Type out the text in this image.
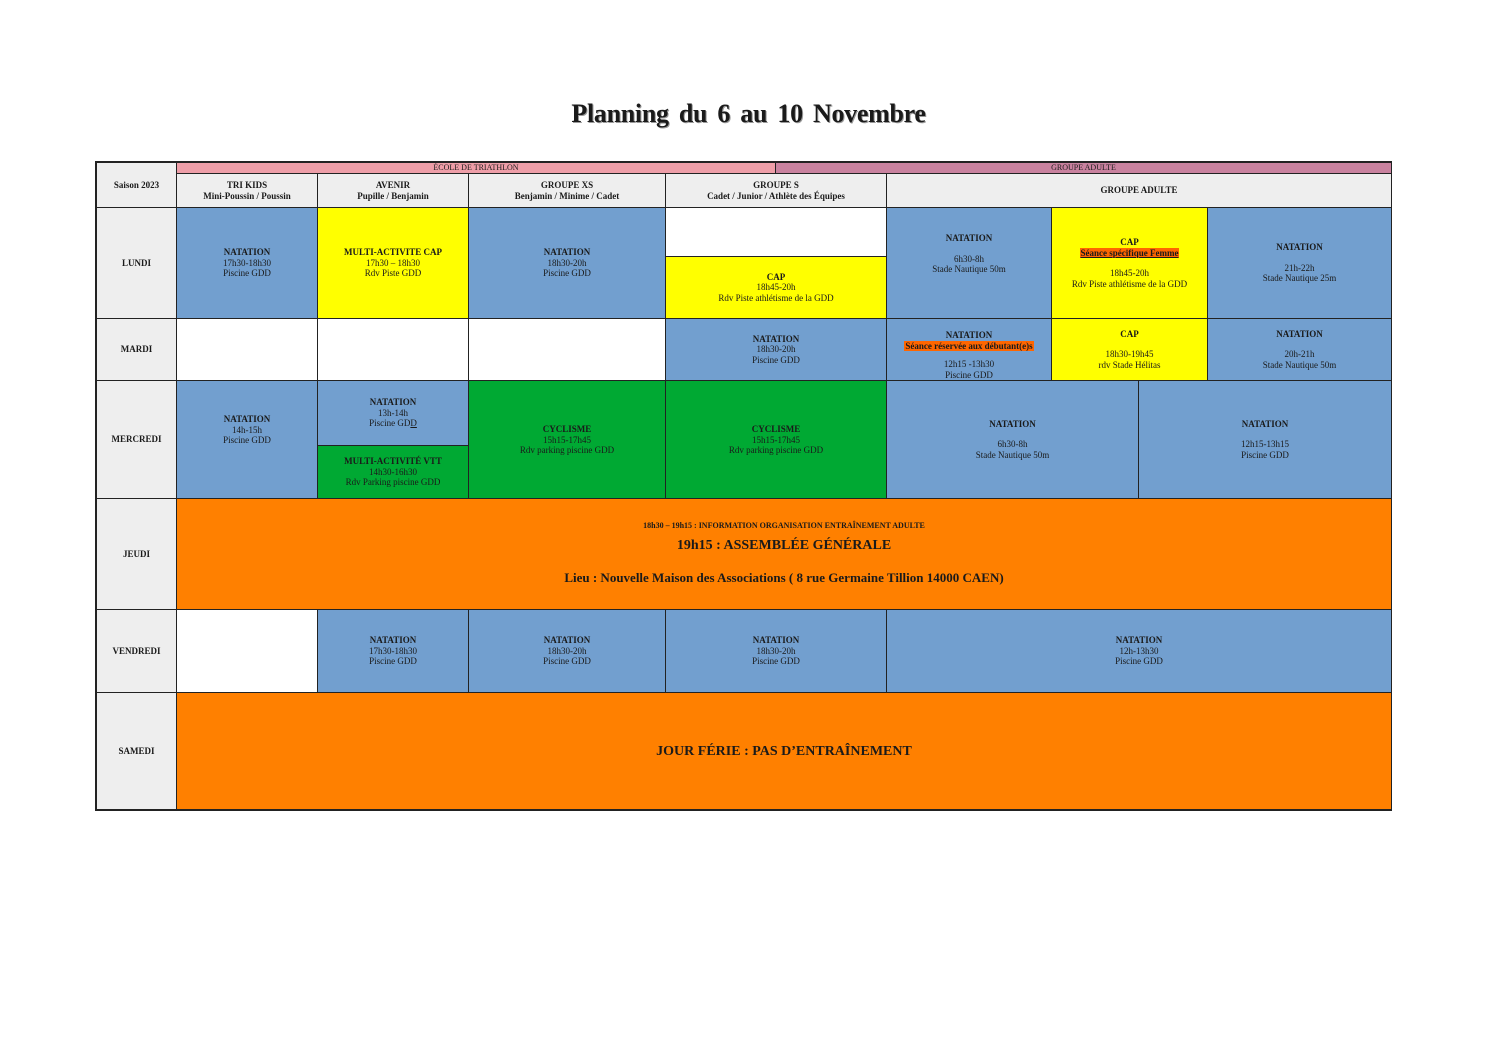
Planning du 6 au 10 Novembre
Saison 2023
ÉCOLE DE TRIATHLON	GROUPE ADULTE
TRI KIDS
Mini-Poussin / Poussin
AVENIR
Pupille / Benjamin
GROUPE XS
Benjamin / Minime / Cadet
GROUPE S
Cadet / Junior / Athlète des Équipes
GROUPE ADULTE
LUNDI
MARDI
MERCREDI
JEUDI
VENDREDI
SAMEDI
NATATION
17h30-18h30
Piscine GDD
MULTI-ACTIVITE CAP
17h30 – 18h30
Rdv Piste GDD
NATATION
18h30-20h
Piscine GDD	CAP
18h45-20h
Rdv Piste athlétisme de la GDD
NATATION
6h30-8h
Stade Nautique 50m
CAP
Séance spécifique Femme
18h45-20h
Rdv Piste athlétisme de la GDD
NATATION
21h-22h
Stade Nautique 25m
NATATION
18h30-20h
Piscine GDD
NATATION
Séance réservée aux débutant(e)s
12h15 -13h30
Piscine GDD
CAP
18h30-19h45
rdv Stade Hélitas
NATATION
20h-21h
Stade Nautique 50m
NATATION
14h-15h
Piscine GDD
NATATION
13h-14h
Piscine GDD
MULTI-ACTIVITÉ VTT
14h30-16h30
Rdv Parking piscine GDD
CYCLISME
15h15-17h45
Rdv parking piscine GDD
CYCLISME
15h15-17h45
Rdv parking piscine GDD
NATATION
6h30-8h
Stade Nautique 50m
NATATION
12h15-13h15
Piscine GDD
18h30 – 19h15 : INFORMATION ORGANISATION ENTRAÎNEMENT ADULTE
19h15 : ASSEMBLÉE GÉNÉRALE
Lieu : Nouvelle Maison des Associations ( 8 rue Germaine Tillion 14000 CAEN)
NATATION
17h30-18h30
Piscine GDD
NATATION
18h30-20h
Piscine GDD
NATATION
18h30-20h
Piscine GDD
NATATION
12h-13h30
Piscine GDD
JOUR FÉRIE : PAS D’ENTRAÎNEMENT
